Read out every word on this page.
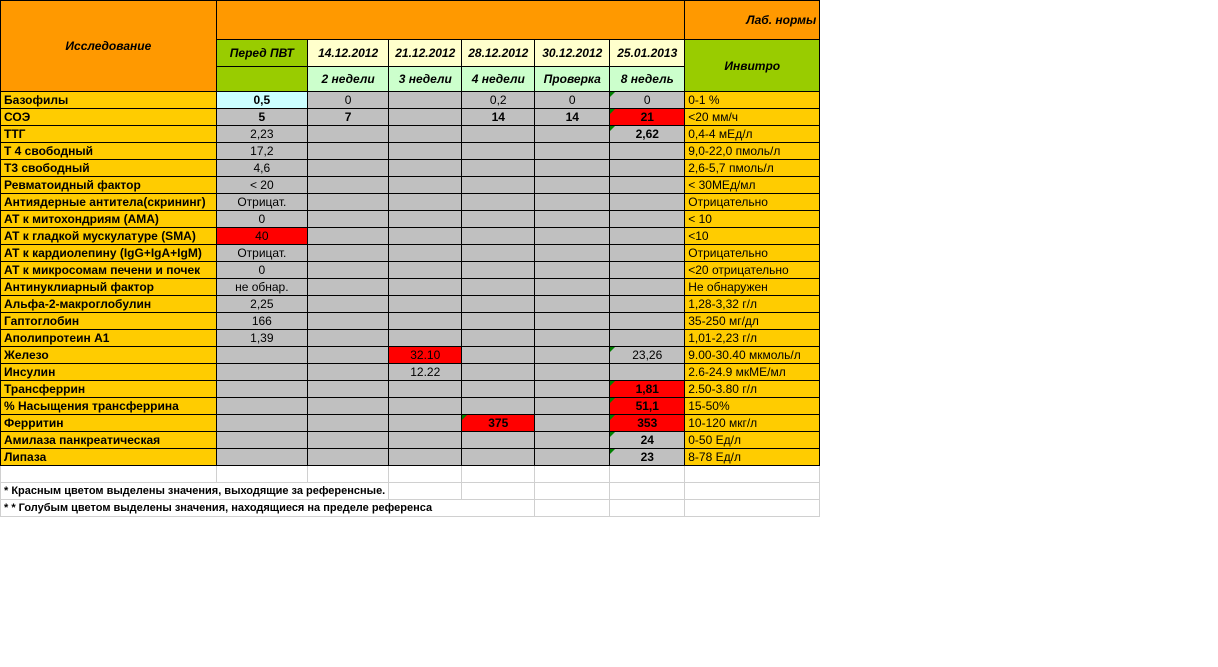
Исследование							Лаб. нормы
	Перед ПВТ	14.12.2012	21.12.2012	28.12.2012	30.12.2012	25.01.2013	Инвитро
		2 недели	3 недели	4 недели	Проверка	8 недель	
Базофилы	0,5	0		0,2	0	0	0-1 %
СОЭ	5	7		14	14	21	<20 мм/ч
ТТГ	2,23					2,62	0,4-4 мЕд/л
Т 4 свободный	17,2						9,0-22,0 пмоль/л
Т3 свободный	4,6						2,6-5,7 пмоль/л
Ревматоидный фактор	< 20						< 30МЕд/мл
Антиядерные антитела(скрининг)	Отрицат.						Отрицательно
АТ к митохондриям (АМА)	0						< 10
АТ к гладкой мускулатуре (SMA)	40						<10
АТ к кардиолепину (IgG+IgA+IgM)	Отрицат.						Отрицательно
АТ к микросомам печени и почек	0						<20 отрицательно
Антинуклиарный фактор	не обнар.						Не обнаружен
Альфа-2-макроглобулин	2,25						1,28-3,32 г/л
Гаптоглобин	166						35-250 мг/дл
Аполипротеин А1	1,39						1,01-2,23 г/л
Железо			32.10			23,26	9.00-30.40 мкмоль/л
Инсулин			12.22				2.6-24.9 мкМЕ/мл
Трансферрин						1,81	2.50-3.80 г/л
% Насыщения трансферрина						51,1	15-50%
Ферритин				375		353	10-120 мкг/л
Амилаза панкреатическая						24	0-50 Ед/л
Липаза						23	8-78 Ед/л

* Красным цветом выделены значения, выходящие за референсные.							
* * Голубым цветом выделены значения, находящиеся на пределе референса							
